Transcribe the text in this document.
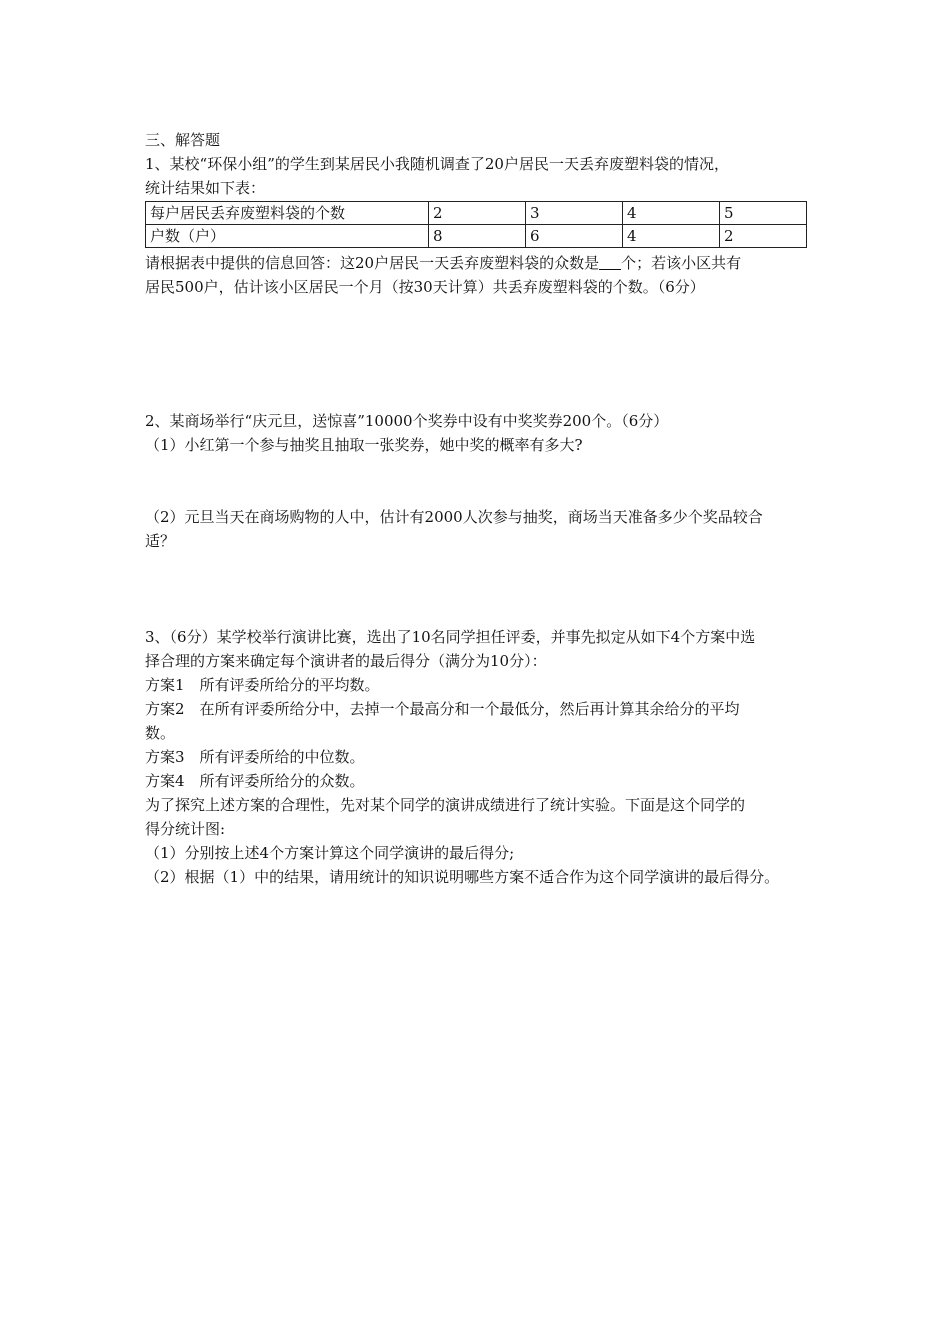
三、解答题
1、某校“环保小组”的学生到某居民小我随机调查了20户居民一天丢弃废塑料袋的情况，
统计结果如下表：
每户居民丢弃废塑料袋的个数	2	3	4	5
户数（户）	8	6	4	2
请根据表中提供的信息回答：这20户居民一天丢弃废塑料袋的众数是 个；若该小区共有
居民500户，估计该小区居民一个月（按30天计算）共丢弃废塑料袋的个数。（6分）
2、某商场举行“庆元旦，送惊喜”10000个奖券中设有中奖奖券200个。（6分）
（1）小红第一个参与抽奖且抽取一张奖券，她中奖的概率有多大?
（2）元旦当天在商场购物的人中，估计有2000人次参与抽奖，商场当天准备多少个奖品较合
适？
3、（6分）某学校举行演讲比赛，选出了10名同学担任评委，并事先拟定从如下4个方案中选
择合理的方案来确定每个演讲者的最后得分（满分为10分）：
方案1　所有评委所给分的平均数。
方案2　在所有评委所给分中，去掉一个最高分和一个最低分，然后再计算其余给分的平均
数。
方案3　所有评委所给的中位数。
方案4　所有评委所给分的众数。
为了探究上述方案的合理性，先对某个同学的演讲成绩进行了统计实验。下面是这个同学的
得分统计图:
（1）分别按上述4个方案计算这个同学演讲的最后得分;
（2）根据（1）中的结果，请用统计的知识说明哪些方案不适合作为这个同学演讲的最后得分。
